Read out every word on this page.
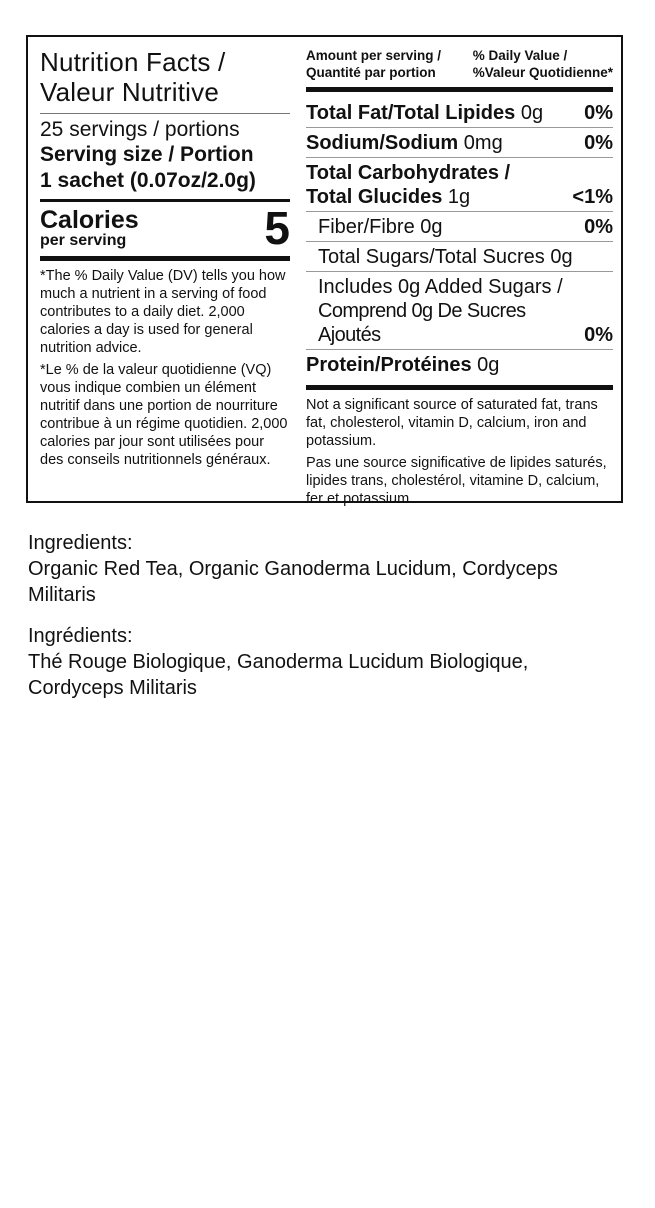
Nutrition Facts /
Valeur Nutritive
25 servings / portions
Serving size / Portion
1 sachet (0.07oz/2.0g)
Calories
per serving	5
*The % Daily Value (DV) tells you how much a nutrient in a serving of food contributes to a daily diet. 2,000 calories a day is used for general nutrition advice.
*Le % de la valeur quotidienne (VQ) vous indique combien un élément nutritif dans une portion de nourriture contribue à un régime quotidien. 2,000 calories par jour sont utilisées pour des conseils nutritionnels généraux.
Amount per serving /
Quantité par portion
% Daily Value /
%Valeur Quotidienne*
Total Fat/Total Lipides 0g 0%
Sodium/Sodium 0mg	0%
Total Carbohydrates /
Total Glucides 1g	<1%
Fiber/Fibre 0g	0%
Total Sugars/Total Sucres 0g
Includes 0g Added Sugars /
Comprend 0g De Sucres Ajoutés	0%
Protein/Protéines 0g
Not a significant source of saturated fat, trans fat, cholesterol, vitamin D, calcium, iron and potassium.
Pas une source significative de lipides saturés, lipides trans, cholestérol, vitamine D, calcium, fer et potassium.
Ingredients:
Organic Red Tea, Organic Ganoderma Lucidum, Cordyceps Militaris
Ingrédients:
Thé Rouge Biologique, Ganoderma Lucidum Biologique, Cordyceps Militaris
